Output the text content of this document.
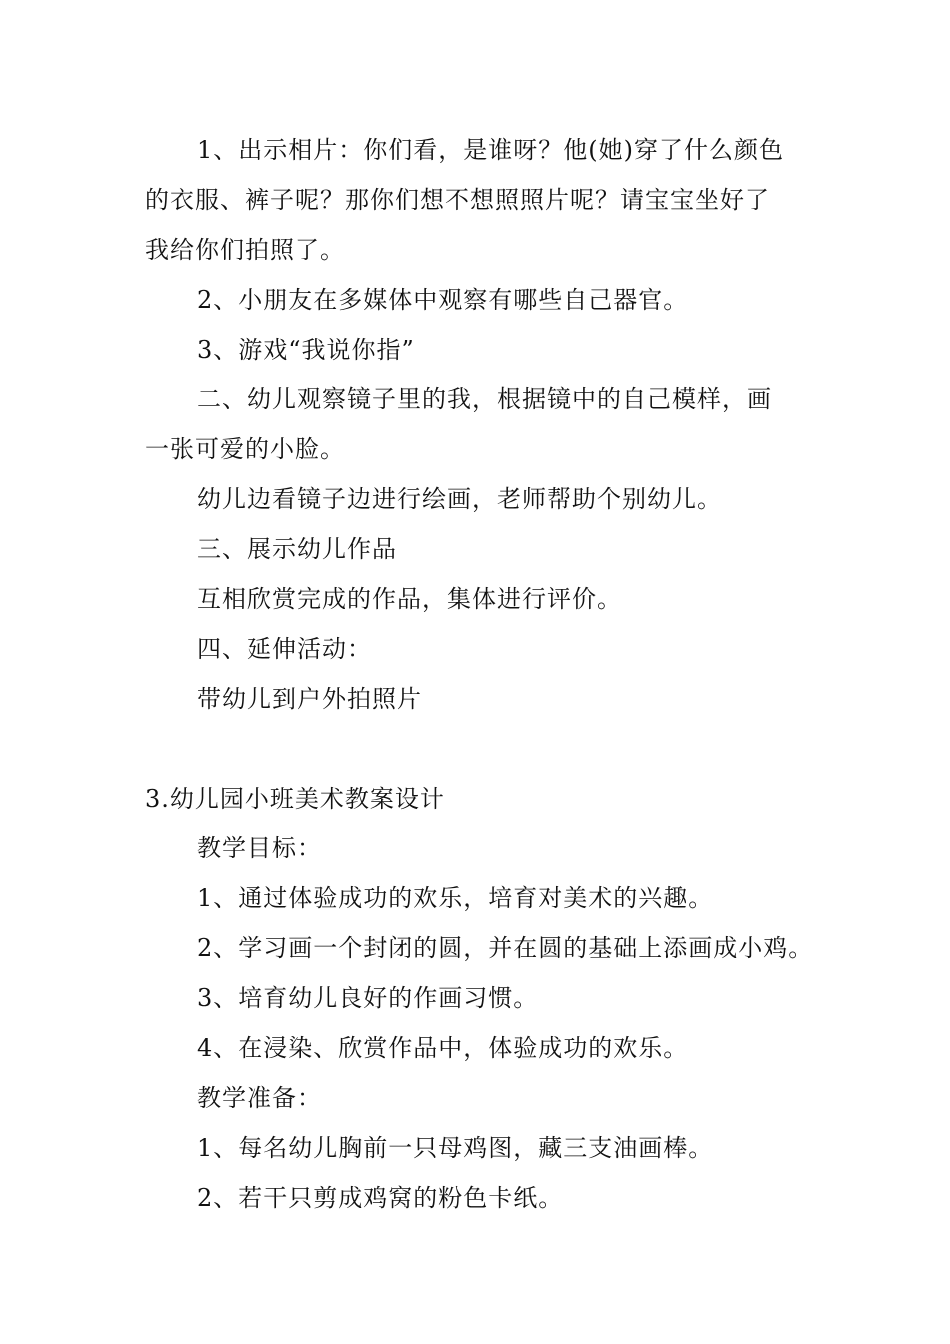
1、出示相片：你们看，是谁呀？他(她)穿了什么颜色
的衣服、裤子呢？那你们想不想照照片呢？请宝宝坐好了
我给你们拍照了。
2、小朋友在多媒体中观察有哪些自己器官。
3、游戏“我说你指”
二、幼儿观察镜子里的我，根据镜中的自己模样，画
一张可爱的小脸。
幼儿边看镜子边进行绘画，老师帮助个别幼儿。
三、展示幼儿作品
互相欣赏完成的作品，集体进行评价。
四、延伸活动：
带幼儿到户外拍照片
3.幼儿园小班美术教案设计
教学目标：
1、通过体验成功的欢乐，培育对美术的兴趣。
2、学习画一个封闭的圆，并在圆的基础上添画成小鸡。
3、培育幼儿良好的作画习惯。
4、在浸染、欣赏作品中，体验成功的欢乐。
教学准备：
1、每名幼儿胸前一只母鸡图，藏三支油画棒。
2、若干只剪成鸡窝的粉色卡纸。
